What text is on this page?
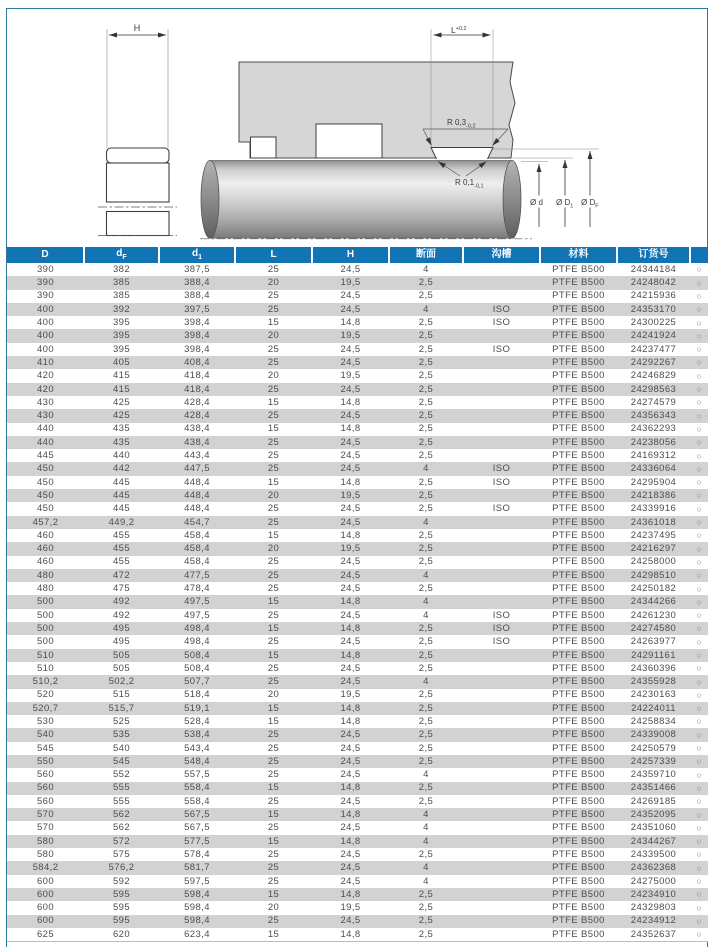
H	$L^{+0,2}$
R $0,3_{-0,2}$
R $0,1_{-0,1}$
Ø d Ø $D_1$ Ø $D_F$
D	$d_F$	$d_1$	L	H	断面	沟槽	材料	订货号	
390	382	387,5	25	24,5	4		PTFE B500	24344184	○
390	385	388,4	20	19,5	2,5		PTFE B500	24248042	○
390	385	388,4	25	24,5	2,5		PTFE B500	24215936	○
400	392	397,5	25	24,5	4	ISO	PTFE B500	24353170	○
400	395	398,4	15	14,8	2,5	ISO	PTFE B500	24300225	○
400	395	398,4	20	19,5	2,5		PTFE B500	24241924	○
400	395	398,4	25	24,5	2,5	ISO	PTFE B500	24237477	○
410	405	408,4	25	24,5	2,5		PTFE B500	24292267	○
420	415	418,4	20	19,5	2,5		PTFE B500	24246829	○
420	415	418,4	25	24,5	2,5		PTFE B500	24298563	○
430	425	428,4	15	14,8	2,5		PTFE B500	24274579	○
430	425	428,4	25	24,5	2,5		PTFE B500	24356343	○
440	435	438,4	15	14,8	2,5		PTFE B500	24362293	○
440	435	438,4	25	24,5	2,5		PTFE B500	24238056	○
445	440	443,4	25	24,5	2,5		PTFE B500	24169312	○
450	442	447,5	25	24,5	4	ISO	PTFE B500	24336064	○
450	445	448,4	15	14,8	2,5	ISO	PTFE B500	24295904	○
450	445	448,4	20	19,5	2,5		PTFE B500	24218386	○
450	445	448,4	25	24,5	2,5	ISO	PTFE B500	24339916	○
457,2	449,2	454,7	25	24,5	4		PTFE B500	24361018	○
460	455	458,4	15	14,8	2,5		PTFE B500	24237495	○
460	455	458,4	20	19,5	2,5		PTFE B500	24216297	○
460	455	458,4	25	24,5	2,5		PTFE B500	24258000	○
480	472	477,5	25	24,5	4		PTFE B500	24298510	○
480	475	478,4	25	24,5	2,5		PTFE B500	24250182	○
500	492	497,5	15	14,8	4		PTFE B500	24344266	○
500	492	497,5	25	24,5	4	ISO	PTFE B500	24261230	○
500	495	498,4	15	14,8	2,5	ISO	PTFE B500	24274580	○
500	495	498,4	25	24,5	2,5	ISO	PTFE B500	24263977	○
510	505	508,4	15	14,8	2,5		PTFE B500	24291161	○
510	505	508,4	25	24,5	2,5		PTFE B500	24360396	○
510,2	502,2	507,7	25	24,5	4		PTFE B500	24355928	○
520	515	518,4	20	19,5	2,5		PTFE B500	24230163	○
520,7	515,7	519,1	15	14,8	2,5		PTFE B500	24224011	○
530	525	528,4	15	14,8	2,5		PTFE B500	24258834	○
540	535	538,4	25	24,5	2,5		PTFE B500	24339008	○
545	540	543,4	25	24,5	2,5		PTFE B500	24250579	○
550	545	548,4	25	24,5	2,5		PTFE B500	24257339	○
560	552	557,5	25	24,5	4		PTFE B500	24359710	○
560	555	558,4	15	14,8	2,5		PTFE B500	24351466	○
560	555	558,4	25	24,5	2,5		PTFE B500	24269185	○
570	562	567,5	15	14,8	4		PTFE B500	24352095	○
570	562	567,5	25	24,5	4		PTFE B500	24351060	○
580	572	577,5	15	14,8	4		PTFE B500	24344267	○
580	575	578,4	25	24,5	2,5		PTFE B500	24339500	○
584,2	576,2	581,7	25	24,5	4		PTFE B500	24362368	○
600	592	597,5	25	24,5	4		PTFE B500	24275000	○
600	595	598,4	15	14,8	2,5		PTFE B500	24234910	○
600	595	598,4	20	19,5	2,5		PTFE B500	24329803	○
600	595	598,4	25	24,5	2,5		PTFE B500	24234912	○
625	620	623,4	15	14,8	2,5		PTFE B500	24352637	○
